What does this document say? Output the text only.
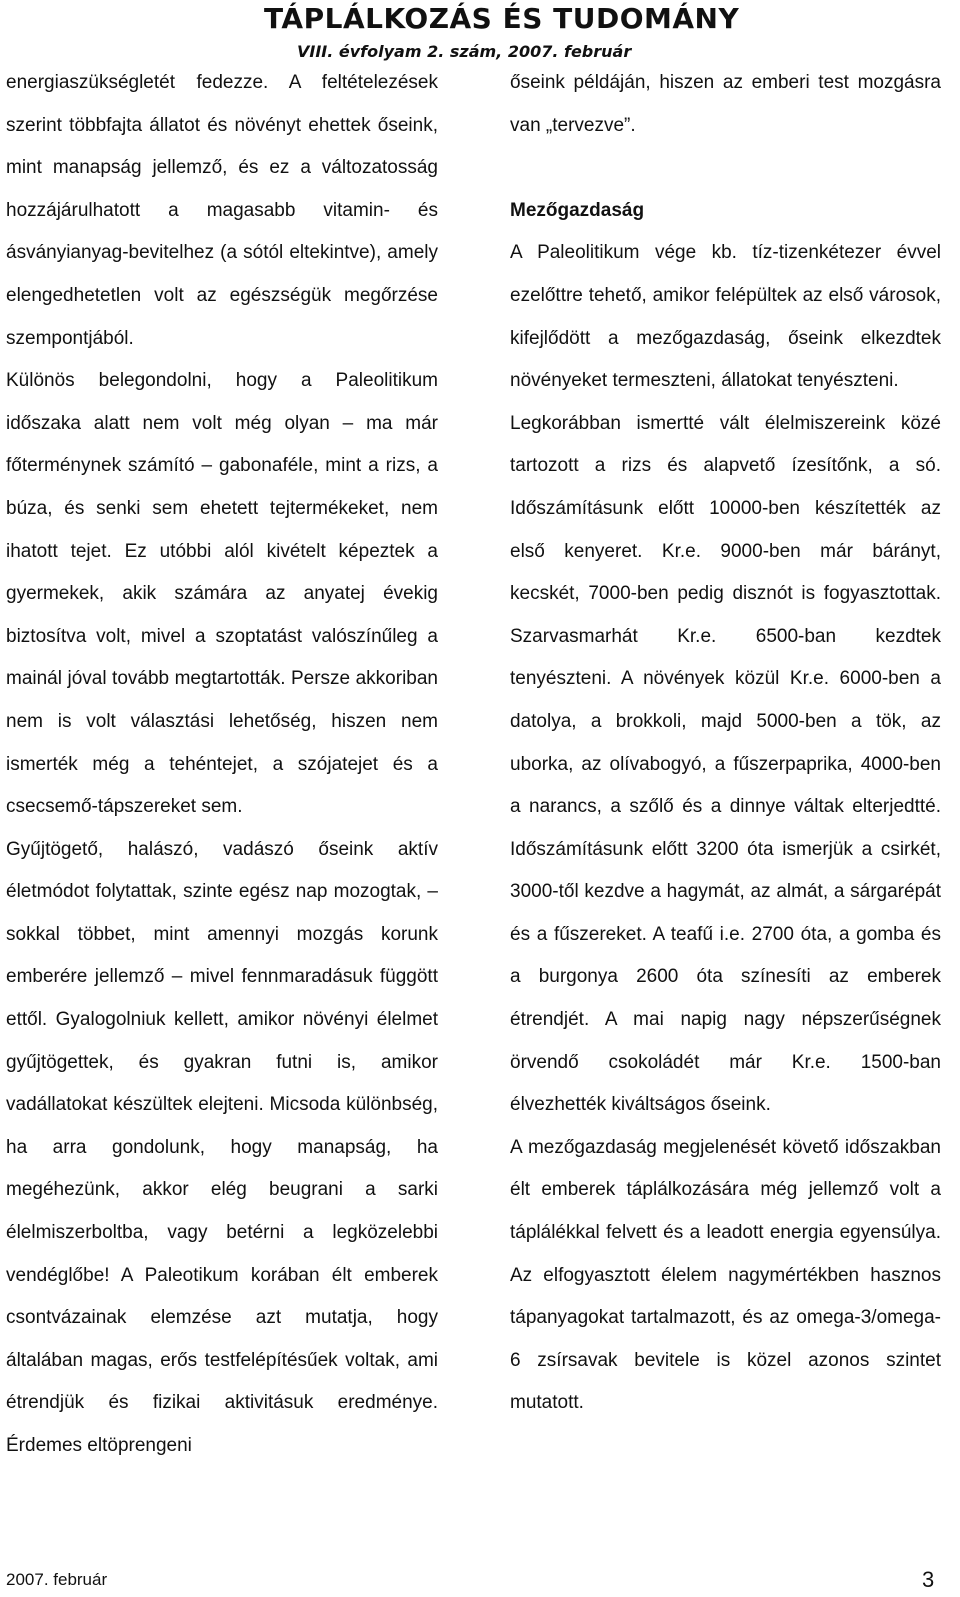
TÁPLÁLKOZÁS ÉS TUDOMÁNY
VIII. évfolyam 2. szám, 2007. február

energiaszükségletét fedezze. A feltételezések szerint többfajta állatot és növényt ehettek őseink, mint manapság jellemző, és ez a változatosság hozzájárulhatott a magasabb vitamin- és ásványianyag-bevitelhez (a sótól eltekintve), amely elengedhetetlen volt az egészségük megőrzése szempontjából.

Különös belegondolni, hogy a Paleolitikum időszaka alatt nem volt még olyan – ma már főterménynek számító – gabonaféle, mint a rizs, a búza, és senki sem ehetett tejtermékeket, nem ihatott tejet. Ez utóbbi alól kivételt képeztek a gyermekek, akik számára az anyatej évekig biztosítva volt, mivel a szoptatást valószínűleg a mainál jóval tovább megtartották. Persze akkoriban nem is volt választási lehetőség, hiszen nem ismerték még a tehéntejet, a szójatejet és a csecsemő-tápszereket sem.

Gyűjtögető, halászó, vadászó őseink aktív életmódot folytattak, szinte egész nap mozogtak, – sokkal többet, mint amennyi mozgás korunk emberére jellemző – mivel fennmaradásuk függött ettől. Gyalogolniuk kellett, amikor növényi élelmet gyűjtögettek, és gyakran futni is, amikor vadállatokat készültek elejteni. Micsoda különbség, ha arra gondolunk, hogy manapság, ha megéhezünk, akkor elég beugrani a sarki élelmiszerboltba, vagy betérni a legközelebbi vendéglőbe! A Paleotikum korában élt emberek csontvázainak elemzése azt mutatja, hogy általában magas, erős testfelépítésűek voltak, ami étrendjük és fizikai aktivitásuk eredménye. Érdemes eltöprengeni

őseink példáján, hiszen az emberi test mozgásra van „tervezve”.

Mezőgazdaság

A Paleolitikum vége kb. tíz-tizenkétezer évvel ezelőttre tehető, amikor felépültek az első városok, kifejlődött a mezőgazdaság, őseink elkezdtek növényeket termeszteni, állatokat tenyészteni.

Legkorábban ismertté vált élelmiszereink közé tartozott a rizs és alapvető ízesítőnk, a só. Időszámításunk előtt 10000-ben készítették az első kenyeret. Kr.e. 9000-ben már bárányt, kecskét, 7000-ben pedig disznót is fogyasztottak. Szarvasmarhát Kr.e. 6500-ban kezdtek tenyészteni. A növények közül Kr.e. 6000-ben a datolya, a brokkoli, majd 5000-ben a tök, az uborka, az olívabogyó, a fűszerpaprika, 4000-ben a narancs, a szőlő és a dinnye váltak elterjedtté. Időszámításunk előtt 3200 óta ismerjük a csirkét, 3000-től kezdve a hagymát, az almát, a sárgarépát és a fűszereket. A teafű i.e. 2700 óta, a gomba és a burgonya 2600 óta színesíti az emberek étrendjét. A mai napig nagy népszerűségnek örvendő csokoládét már Kr.e. 1500-ban élvezhették kiváltságos őseink.

A mezőgazdaság megjelenését követő időszakban élt emberek táplálkozására még jellemző volt a táplálékkal felvett és a leadott energia egyensúlya. Az elfogyasztott élelem nagymértékben hasznos tápanyagokat tartalmazott, és az omega-3/omega-6 zsírsavak bevitele is közel azonos szintet mutatott.

2007. február	3
